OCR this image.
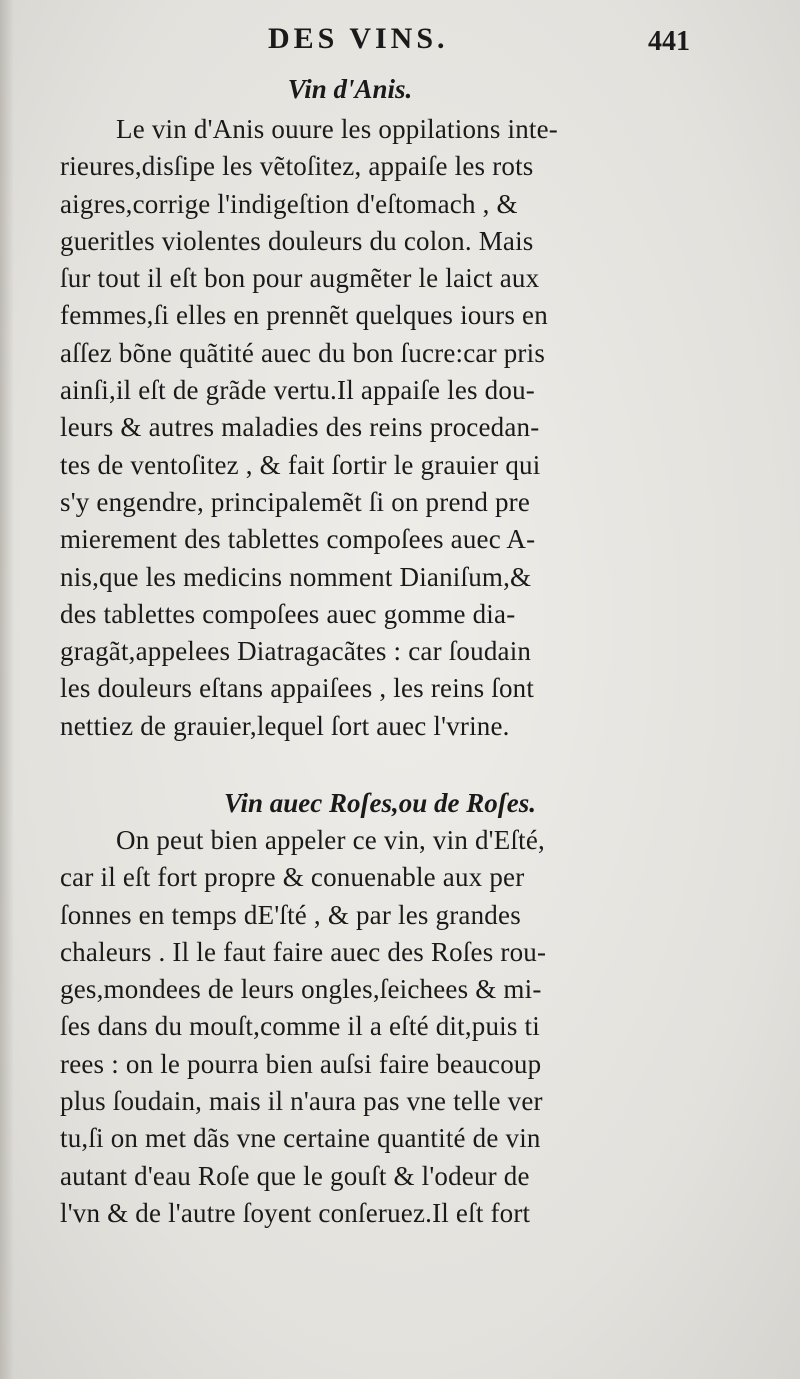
DES VINS.	441
Vin d'Anis.
Le vin d'Anis ouure les oppilations inte-
rieures,disſipe les vẽtoſitez, appaiſe les rots
aigres,corrige l'indigeſtion d'eſtomach , &
gueritles violentes douleurs du colon. Mais
ſur tout il eſt bon pour augmẽter le laict aux
femmes,ſi elles en prennẽt quelques iours en
aſſez bõne quãtité auec du bon ſucre:car pris
ainſi,il eſt de grãde vertu.Il appaiſe les dou-
leurs & autres maladies des reins procedan-
tes de ventoſitez , & fait ſortir le grauier qui
s'y engendre, principalemẽt ſi on prend pre
mierement des tablettes compoſees auec A-
nis,que les medicins nomment Dianiſum,&
des tablettes compoſees auec gomme dia-
gragãt,appelees Diatragacãtes : car ſoudain
les douleurs eſtans appaiſees , les reins ſont
nettiez de grauier,lequel ſort auec l'vrine.
Vin auec Roſes,ou de Roſes.
On peut bien appeler ce vin, vin d'Eſté,
car il eſt fort propre & conuenable aux per
ſonnes en temps dE'ſté , & par les grandes
chaleurs . Il le faut faire auec des Roſes rou-
ges,mondees de leurs ongles,ſeichees & mi-
ſes dans du mouſt,comme il a eſté dit,puis ti
rees : on le pourra bien auſsi faire beaucoup
plus ſoudain, mais il n'aura pas vne telle ver
tu,ſi on met dãs vne certaine quantité de vin
autant d'eau Roſe que le gouſt & l'odeur de
l'vn & de l'autre ſoyent conſeruez.Il eſt fort
